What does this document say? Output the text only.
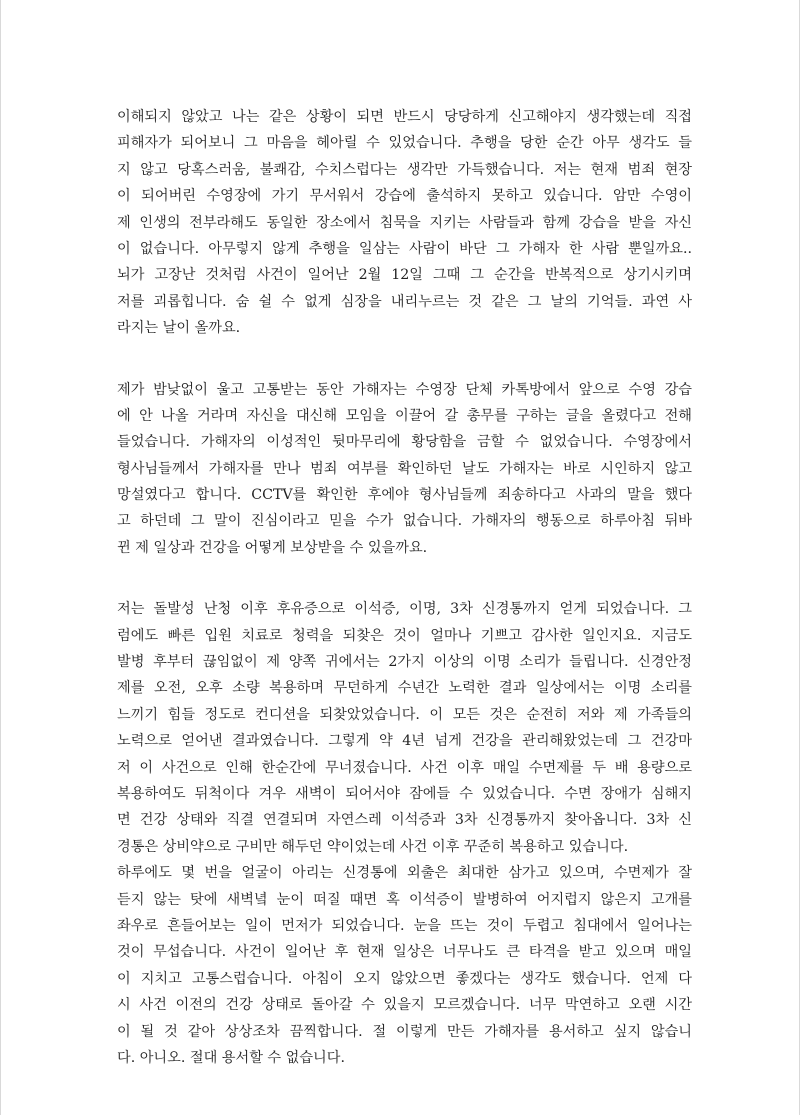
이해되지 않았고 나는 같은 상황이 되면 반드시 당당하게 신고해야지 생각했는데 직접
피해자가 되어보니 그 마음을 헤아릴 수 있었습니다. 추행을 당한 순간 아무 생각도 들
지 않고 당혹스러움, 불쾌감, 수치스럽다는 생각만 가득했습니다. 저는 현재 범죄 현장
이 되어버린 수영장에 가기 무서워서 강습에 출석하지 못하고 있습니다. 암만 수영이
제 인생의 전부라해도 동일한 장소에서 침묵을 지키는 사람들과 함께 강습을 받을 자신
이 없습니다. 아무렇지 않게 추행을 일삼는 사람이 바단 그 가해자 한 사람 뿐일까요..
뇌가 고장난 것처럼 사건이 일어난 2월 12일 그때 그 순간을 반복적으로 상기시키며
저를 괴롭힙니다. 숨 쉴 수 없게 심장을 내리누르는 것 같은 그 날의 기억들. 과연 사
라지는 날이 올까요.
제가 밤낮없이 울고 고통받는 동안 가해자는 수영장 단체 카톡방에서 앞으로 수영 강습
에 안 나올 거라며 자신을 대신해 모임을 이끌어 갈 총무를 구하는 글을 올렸다고 전해
들었습니다. 가해자의 이성적인 뒷마무리에 황당함을 금할 수 없었습니다. 수영장에서
형사님들께서 가해자를 만나 범죄 여부를 확인하던 날도 가해자는 바로 시인하지 않고
망설였다고 합니다. CCTV를 확인한 후에야 형사님들께 죄송하다고 사과의 말을 했다
고 하던데 그 말이 진심이라고 믿을 수가 없습니다. 가해자의 행동으로 하루아침 뒤바
뀐 제 일상과 건강을 어떻게 보상받을 수 있을까요.
저는 돌발성 난청 이후 후유증으로 이석증, 이명, 3차 신경통까지 얻게 되었습니다. 그
럼에도 빠른 입원 치료로 청력을 되찾은 것이 얼마나 기쁘고 감사한 일인지요. 지금도
발병 후부터 끊임없이 제 양쪽 귀에서는 2가지 이상의 이명 소리가 들립니다. 신경안정
제를 오전, 오후 소량 복용하며 무던하게 수년간 노력한 결과 일상에서는 이명 소리를
느끼기 힘들 정도로 컨디션을 되찾았었습니다. 이 모든 것은 순전히 저와 제 가족들의
노력으로 얻어낸 결과였습니다. 그렇게 약 4년 넘게 건강을 관리해왔었는데 그 건강마
저 이 사건으로 인해 한순간에 무너졌습니다. 사건 이후 매일 수면제를 두 배 용량으로
복용하여도 뒤척이다 겨우 새벽이 되어서야 잠에들 수 있었습니다. 수면 장애가 심해지
면 건강 상태와 직결 연결되며 자연스레 이석증과 3차 신경통까지 찾아옵니다. 3차 신
경통은 상비약으로 구비만 해두던 약이었는데 사건 이후 꾸준히 복용하고 있습니다.
하루에도 몇 번을 얼굴이 아리는 신경통에 외출은 최대한 삼가고 있으며, 수면제가 잘
듣지 않는 탓에 새벽녘 눈이 떠질 때면 혹 이석증이 발병하여 어지럽지 않은지 고개를
좌우로 흔들어보는 일이 먼저가 되었습니다. 눈을 뜨는 것이 두렵고 침대에서 일어나는
것이 무섭습니다. 사건이 일어난 후 현재 일상은 너무나도 큰 타격을 받고 있으며 매일
이 지치고 고통스럽습니다. 아침이 오지 않았으면 좋겠다는 생각도 했습니다. 언제 다
시 사건 이전의 건강 상태로 돌아갈 수 있을지 모르겠습니다. 너무 막연하고 오랜 시간
이 될 것 같아 상상조차 끔찍합니다. 절 이렇게 만든 가해자를 용서하고 싶지 않습니
다. 아니오. 절대 용서할 수 없습니다.
